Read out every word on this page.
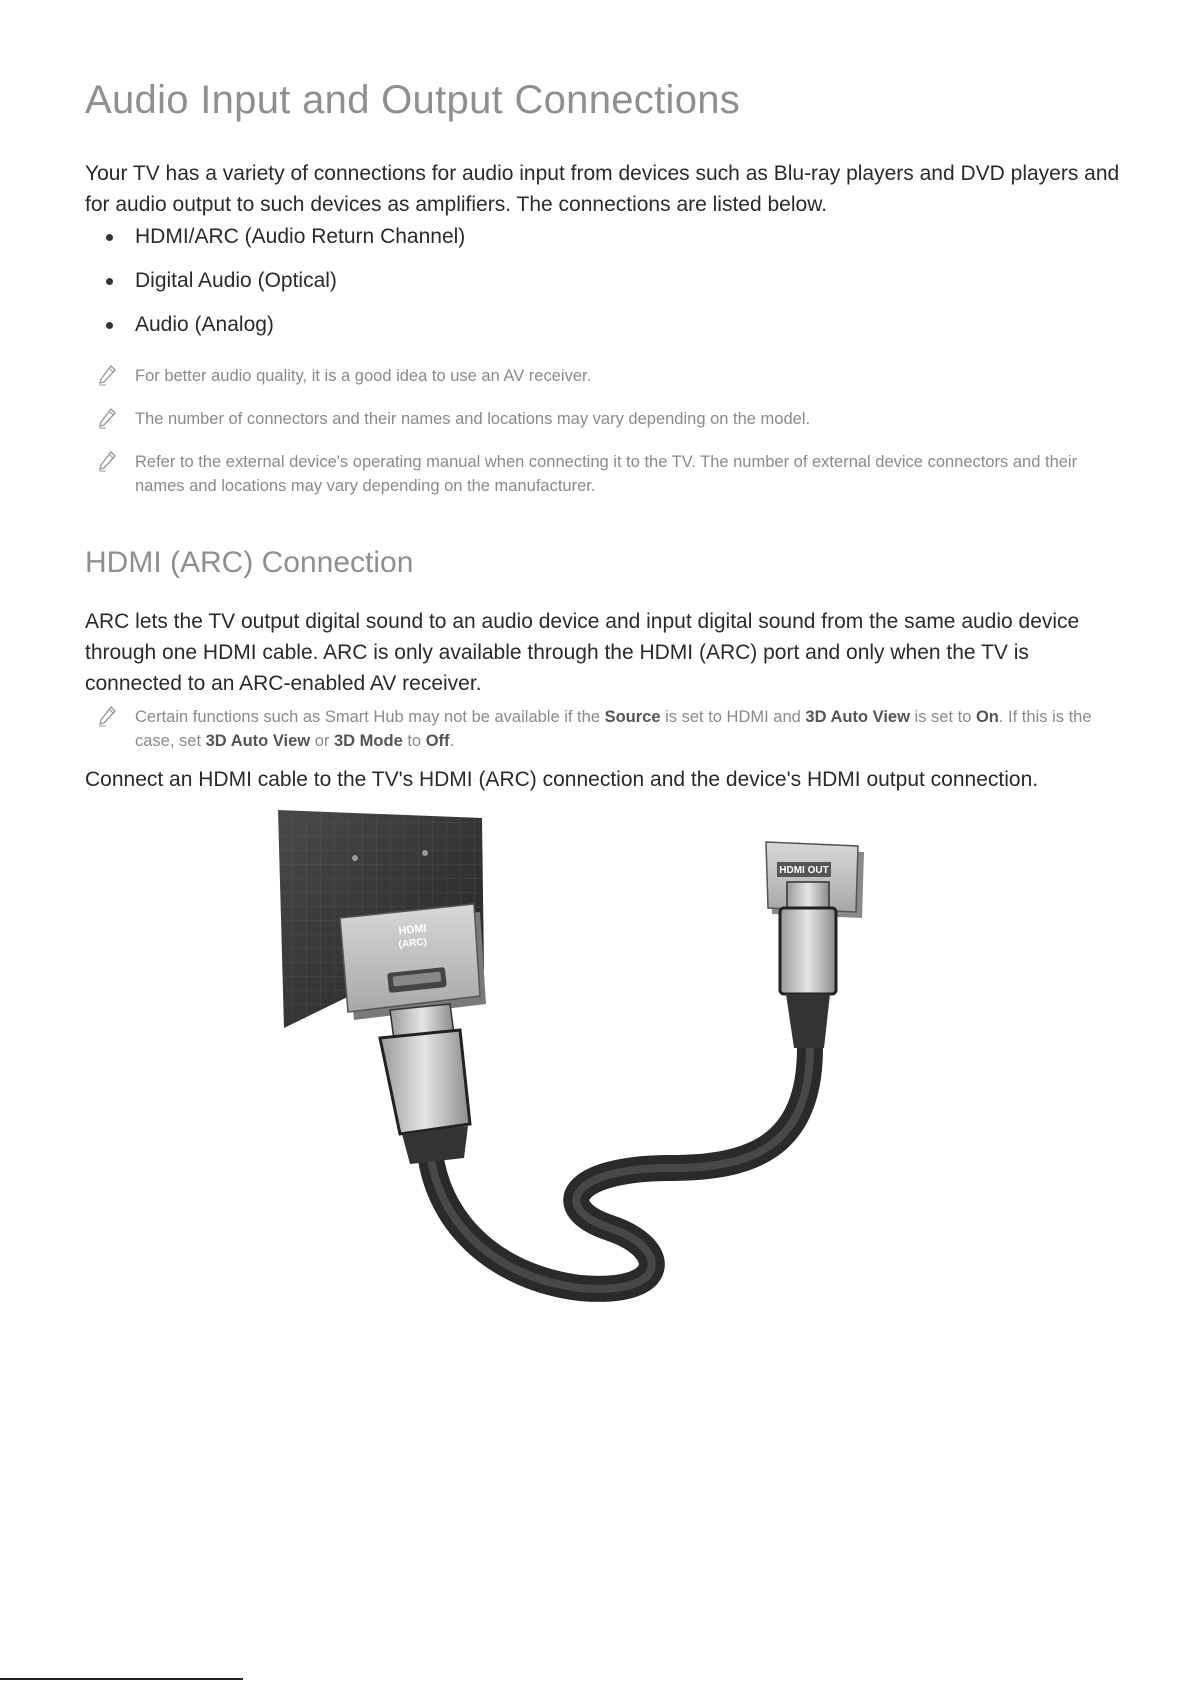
Audio Input and Output Connections

Your TV has a variety of connections for audio input from devices such as Blu-ray players and DVD players and for audio output to such devices as amplifiers. The connections are listed below.

HDMI/ARC (Audio Return Channel)
Digital Audio (Optical)
Audio (Analog)
For better audio quality, it is a good idea to use an AV receiver.
The number of connectors and their names and locations may vary depending on the model.
Refer to the external device's operating manual when connecting it to the TV. The number of external device connectors and their names and locations may vary depending on the manufacturer.
HDMI (ARC) Connection

ARC lets the TV output digital sound to an audio device and input digital sound from the same audio device through one HDMI cable. ARC is only available through the HDMI (ARC) port and only when the TV is connected to an ARC-enabled AV receiver.

Certain functions such as Smart Hub may not be available if the Source is set to HDMI and 3D Auto View is set to On. If this is the case, set 3D Auto View or 3D Mode to Off.

Connect an HDMI cable to the TV's HDMI (ARC) connection and the device's HDMI output connection.

HDMI
(ARC)
HDMI OUT
